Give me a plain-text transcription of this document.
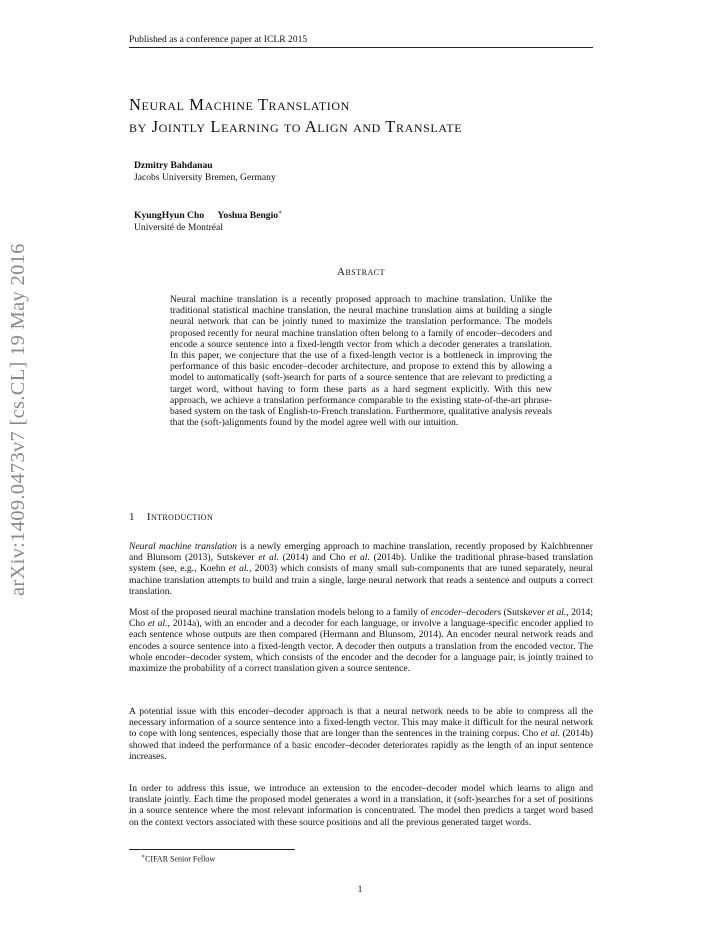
Published as a conference paper at ICLR 2015
arXiv:1409.0473v7 [cs.CL] 19 May 2016
Neural Machine Translation
by Jointly Learning to Align and Translate
Dzmitry Bahdanau
Jacobs University Bremen, Germany
KyungHyun Cho Yoshua Bengio∗
Université de Montréal
Abstract

Neural machine translation is a recently proposed approach to machine translation. Unlike the traditional statistical machine translation, the neural machine translation aims at building a single neural network that can be jointly tuned to maximize the translation performance. The models proposed recently for neural machine translation often belong to a family of encoder–decoders and encode a source sentence into a fixed-length vector from which a decoder generates a translation. In this paper, we conjecture that the use of a fixed-length vector is a bottleneck in improving the performance of this basic encoder–decoder architecture, and propose to extend this by allowing a model to automatically (soft-)search for parts of a source sentence that are relevant to predicting a target word, without having to form these parts as a hard segment explicitly. With this new approach, we achieve a translation performance comparable to the existing state-of-the-art phrase-based system on the task of English-to-French translation. Furthermore, qualitative analysis reveals that the (soft-)alignments found by the model agree well with our intuition.

1 Introduction

Neural machine translation is a newly emerging approach to machine translation, recently proposed by Kalchbrenner and Blunsom (2013), Sutskever et al. (2014) and Cho et al. (2014b). Unlike the traditional phrase-based translation system (see, e.g., Koehn et al., 2003) which consists of many small sub-components that are tuned separately, neural machine translation attempts to build and train a single, large neural network that reads a sentence and outputs a correct translation.

Most of the proposed neural machine translation models belong to a family of encoder–decoders (Sutskever et al., 2014; Cho et al., 2014a), with an encoder and a decoder for each language, or involve a language-specific encoder applied to each sentence whose outputs are then compared (Hermann and Blunsom, 2014). An encoder neural network reads and encodes a source sentence into a fixed-length vector. A decoder then outputs a translation from the encoded vector. The whole encoder–decoder system, which consists of the encoder and the decoder for a language pair, is jointly trained to maximize the probability of a correct translation given a source sentence.

A potential issue with this encoder–decoder approach is that a neural network needs to be able to compress all the necessary information of a source sentence into a fixed-length vector. This may make it difficult for the neural network to cope with long sentences, especially those that are longer than the sentences in the training corpus. Cho et al. (2014b) showed that indeed the performance of a basic encoder–decoder deteriorates rapidly as the length of an input sentence increases.

In order to address this issue, we introduce an extension to the encoder–decoder model which learns to align and translate jointly. Each time the proposed model generates a word in a translation, it (soft-)searches for a set of positions in a source sentence where the most relevant information is concentrated. The model then predicts a target word based on the context vectors associated with these source positions and all the previous generated target words.

∗CIFAR Senior Fellow
1
